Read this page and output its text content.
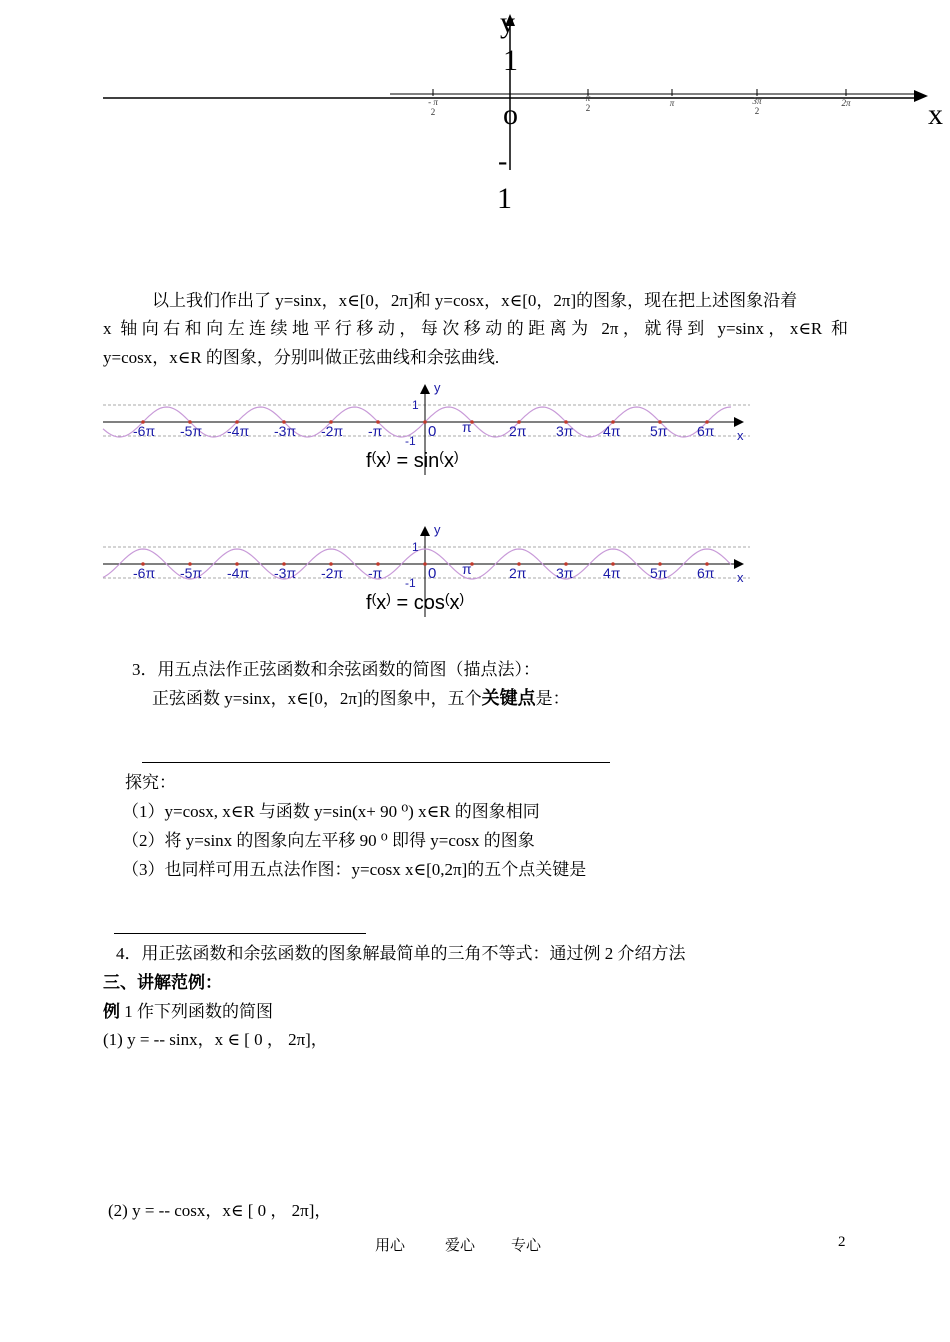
y
1
o
-
1
x
- π
2
π
2	π	3π
2
2π
以上我们作出了 y=sinx，x∈[0，2π]和 y=cosx，x∈[0，2π]的图象，现在把上述图象沿着
x 轴向右和向左连续地平行移动，每次移动的距离为 2π，就得到 y=sinx，x∈R 和
y=cosx，x∈R 的图象，分别叫做正弦曲线和余弦曲线.
y
1
-1
0	x
-6π -5π -4π -3π -2π -π	π	2π 3π 4π 5π 6π
f(x) = sin(x)
y
1
-1
0	x
-6π -5π -4π -3π -2π -π	π	2π 3π 4π 5π 6π
f(x) = cos(x)
3．用五点法作正弦函数和余弦函数的简图（描点法）：
正弦函数 y=sinx，x∈[0，2π]的图象中，五个关键点是：
探究：
（1）y=cosx, x∈R 与函数 y=sin(x+ 90 ⁰) x∈R 的图象相同
（2）将 y=sinx 的图象向左平移 90 ⁰ 即得 y=cosx 的图象
（3）也同样可用五点法作图：y=cosx x∈[0,2π]的五个点关键是
4．用正弦函数和余弦函数的图象解最简单的三角不等式：通过例 2 介绍方法
三、讲解范例：
例 1 作下列函数的简图
(1) y = -- sinx，x ∈ [ 0 ， 2π]，
(2) y = -- cosx，x∈ [ 0 ， 2π]，
用心	爱心 专心	2
